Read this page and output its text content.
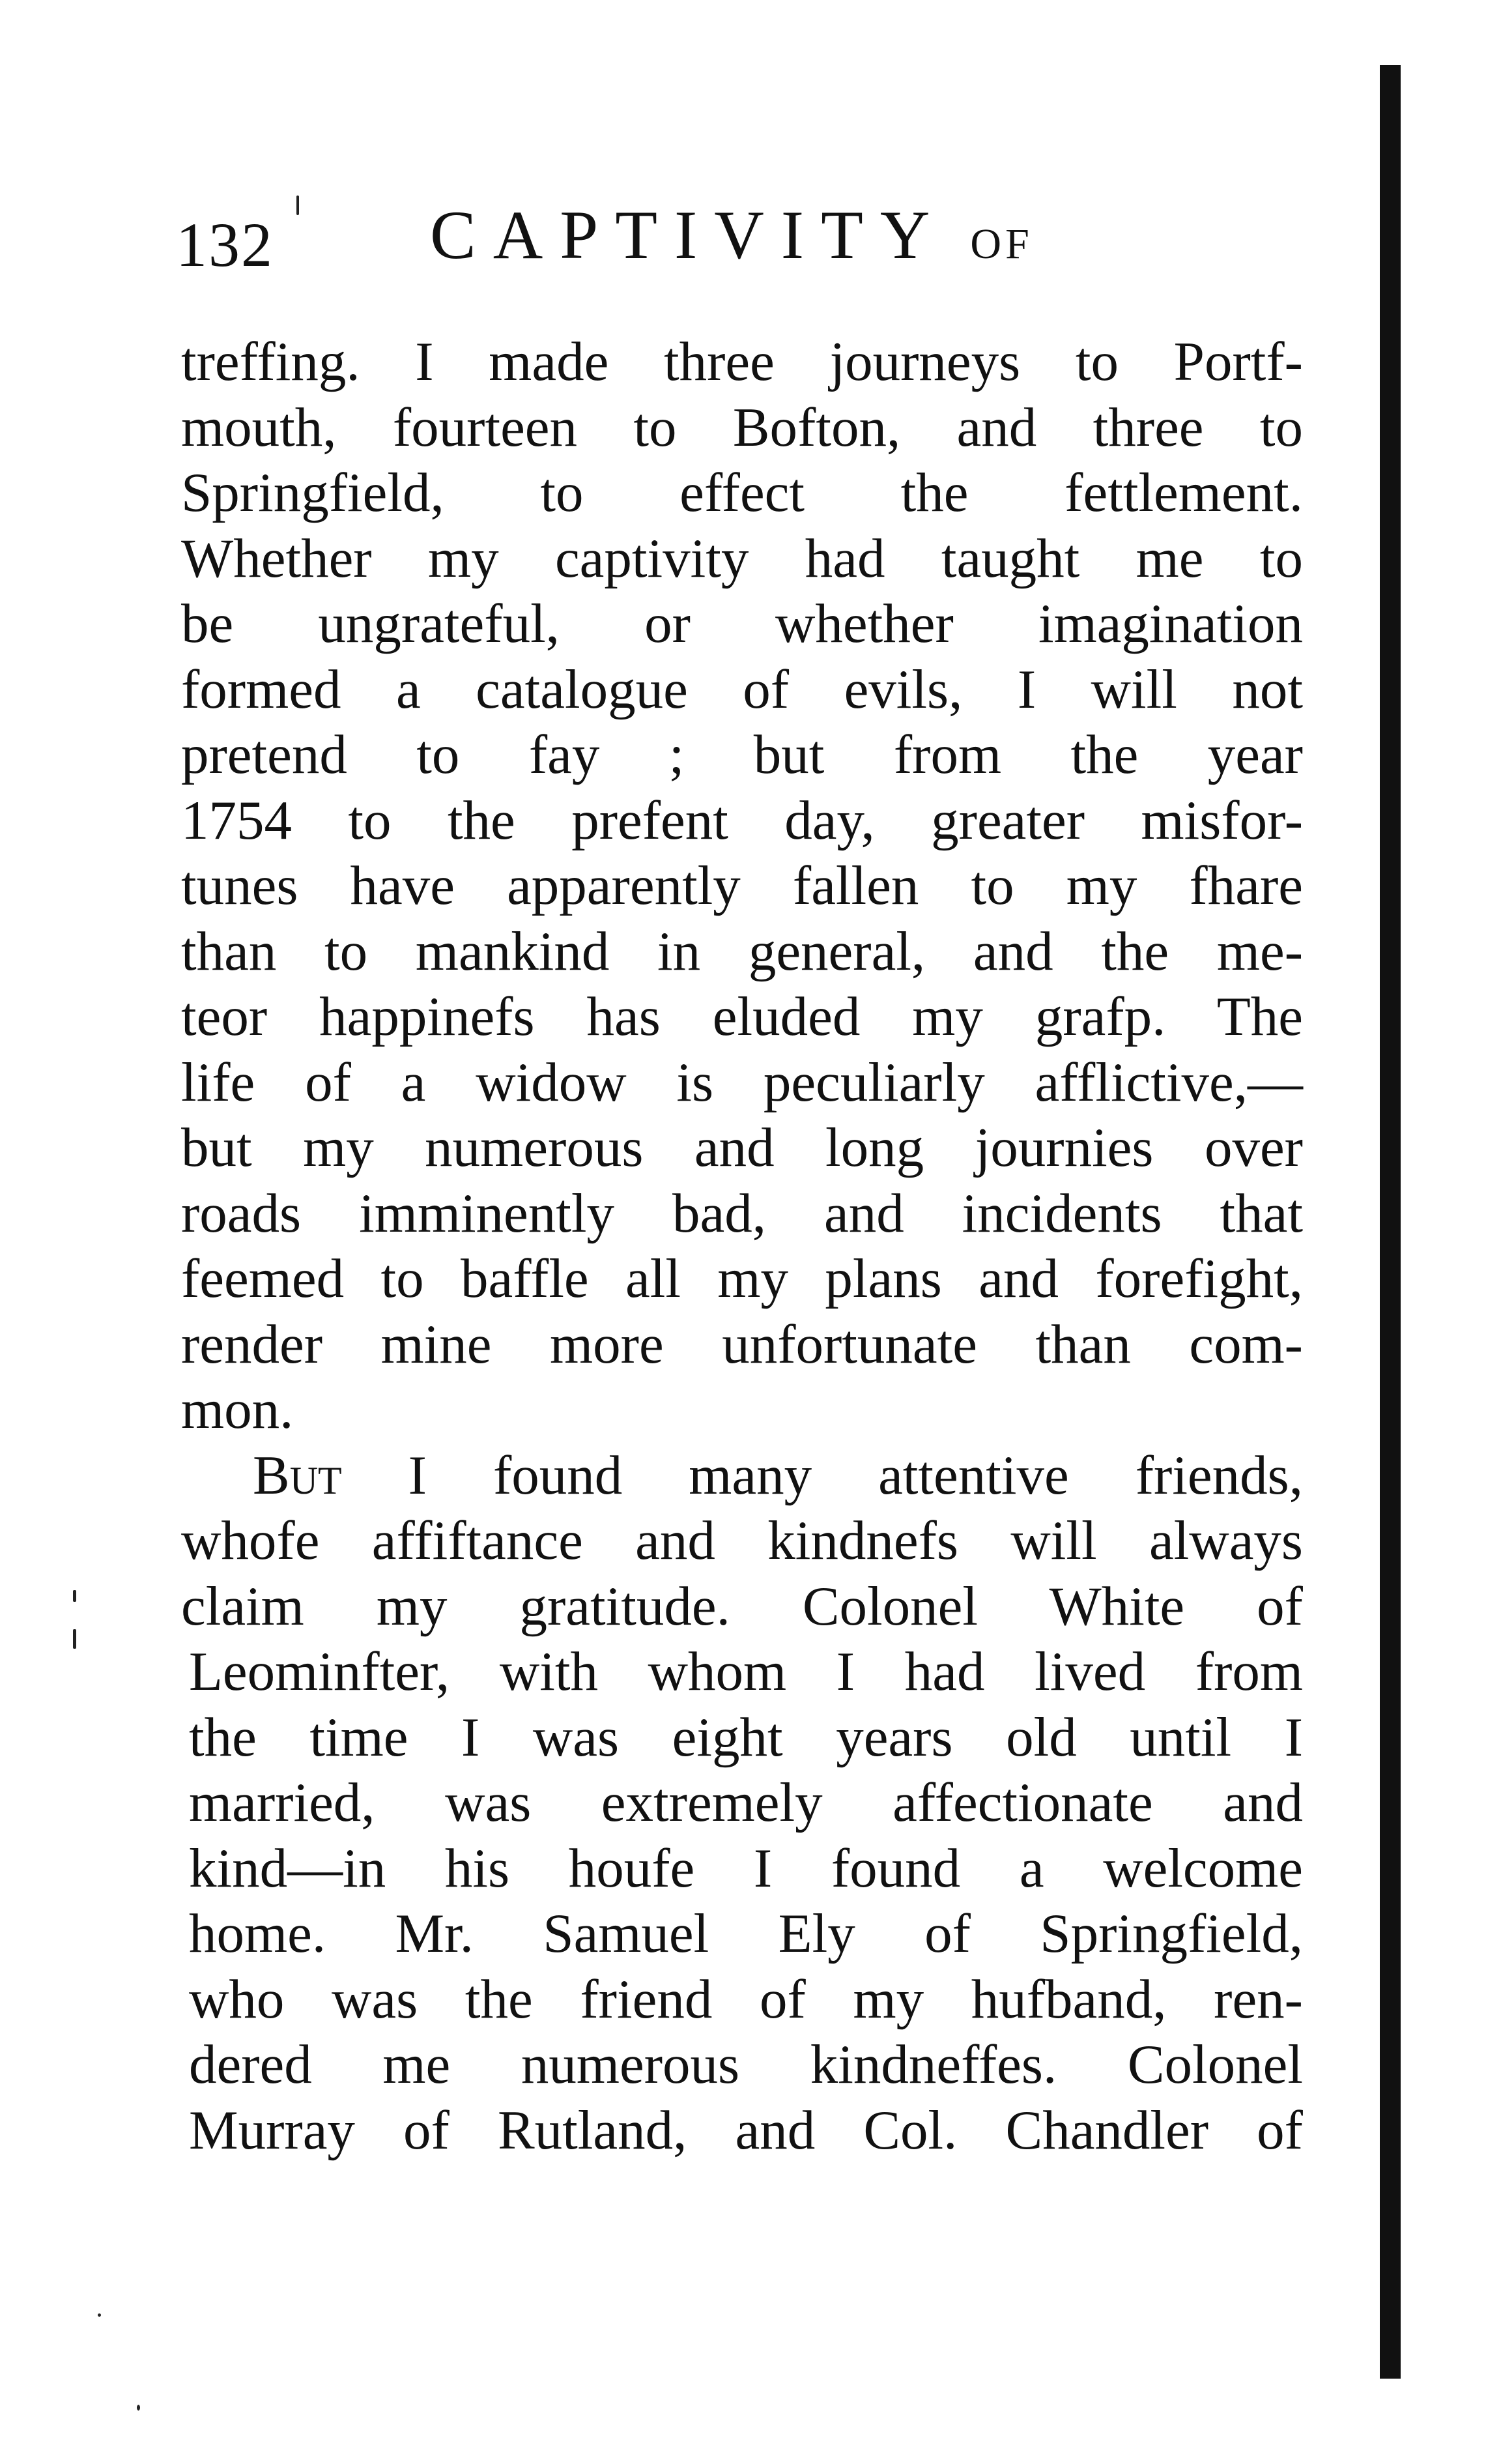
132 CAPTIVITY OF
treffing. I made three journeys to Portf-
mouth, fourteen to Bofton, and three to
Springfield, to effect the fettlement.
Whether my captivity had taught me to
be ungrateful, or whether imagination
formed a catalogue of evils, I will not
pretend to fay ; but from the year
1754 to the prefent day, greater misfor-
tunes have apparently fallen to my fhare
than to mankind in general, and the me-
teor happinefs has eluded my grafp. The
life of a widow is peculiarly afflictive,—
but my numerous and long journies over
roads imminently bad, and incidents that
feemed to baffle all my plans and forefight,
render mine more unfortunate than com-
mon.
But I found many attentive friends,
whofe affiftance and kindnefs will always
claim my gratitude. Colonel White of
Leominfter, with whom I had lived from
the time I was eight years old until I
married, was extremely affectionate and
kind—in his houfe I found a welcome
home. Mr. Samuel Ely of Springfield,
who was the friend of my hufband, ren-
dered me numerous kindneffes. Colonel
Murray of Rutland, and Col. Chandler of
